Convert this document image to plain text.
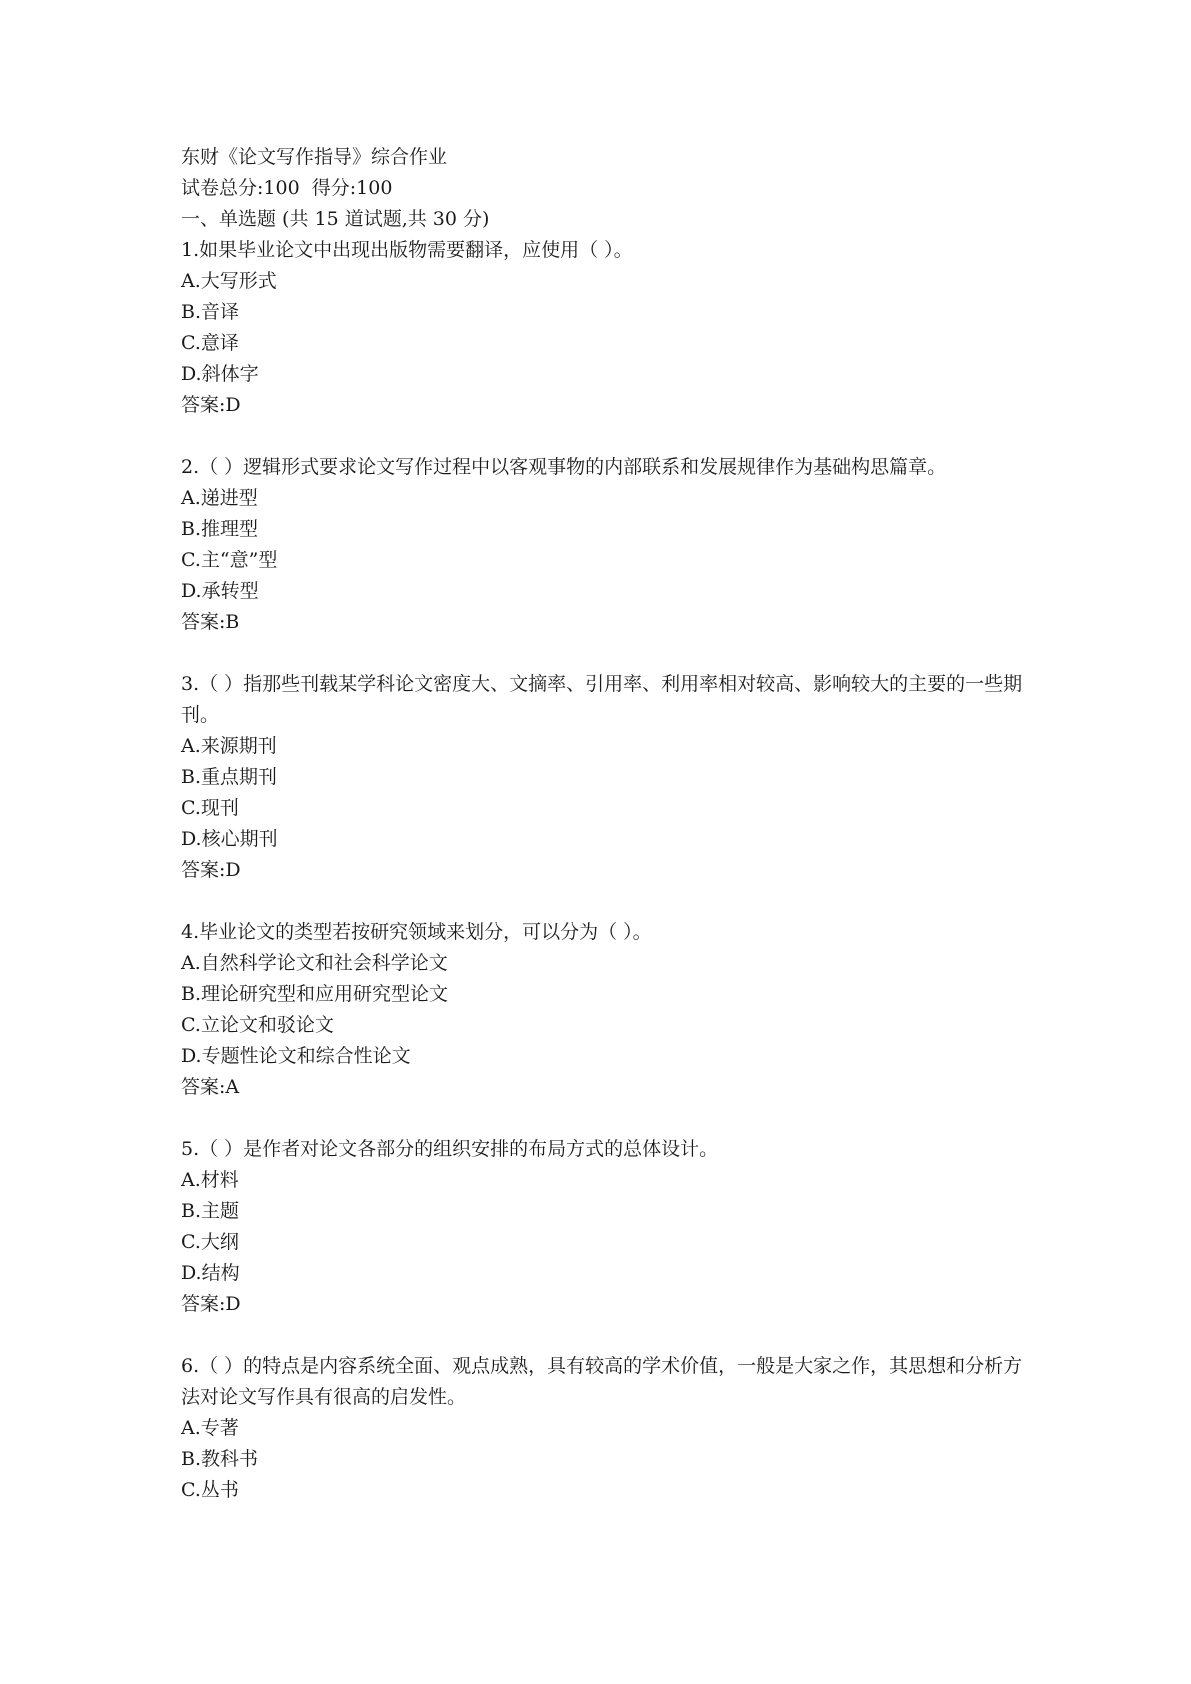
东财《论文写作指导》综合作业

试卷总分:100  得分:100

一、单选题 (共 15 道试题,共 30 分)

1.如果毕业论文中出现出版物需要翻译，应使用（ ）。

A.大写形式

B.音译

C.意译

D.斜体字

答案:D

2.（ ）逻辑形式要求论文写作过程中以客观事物的内部联系和发展规律作为基础构思篇章。

A.递进型

B.推理型

C.主“意”型

D.承转型

答案:B

3.（ ）指那些刊载某学科论文密度大、文摘率、引用率、利用率相对较高、影响较大的主要的一些期刊。

A.来源期刊

B.重点期刊

C.现刊

D.核心期刊

答案:D

4.毕业论文的类型若按研究领域来划分，可以分为（ ）。

A.自然科学论文和社会科学论文

B.理论研究型和应用研究型论文

C.立论文和驳论文

D.专题性论文和综合性论文

答案:A

5.（ ）是作者对论文各部分的组织安排的布局方式的总体设计。

A.材料

B.主题

C.大纲

D.结构

答案:D

6.（ ）的特点是内容系统全面、观点成熟，具有较高的学术价值，一般是大家之作，其思想和分析方法对论文写作具有很高的启发性。

A.专著

B.教科书

C.丛书
